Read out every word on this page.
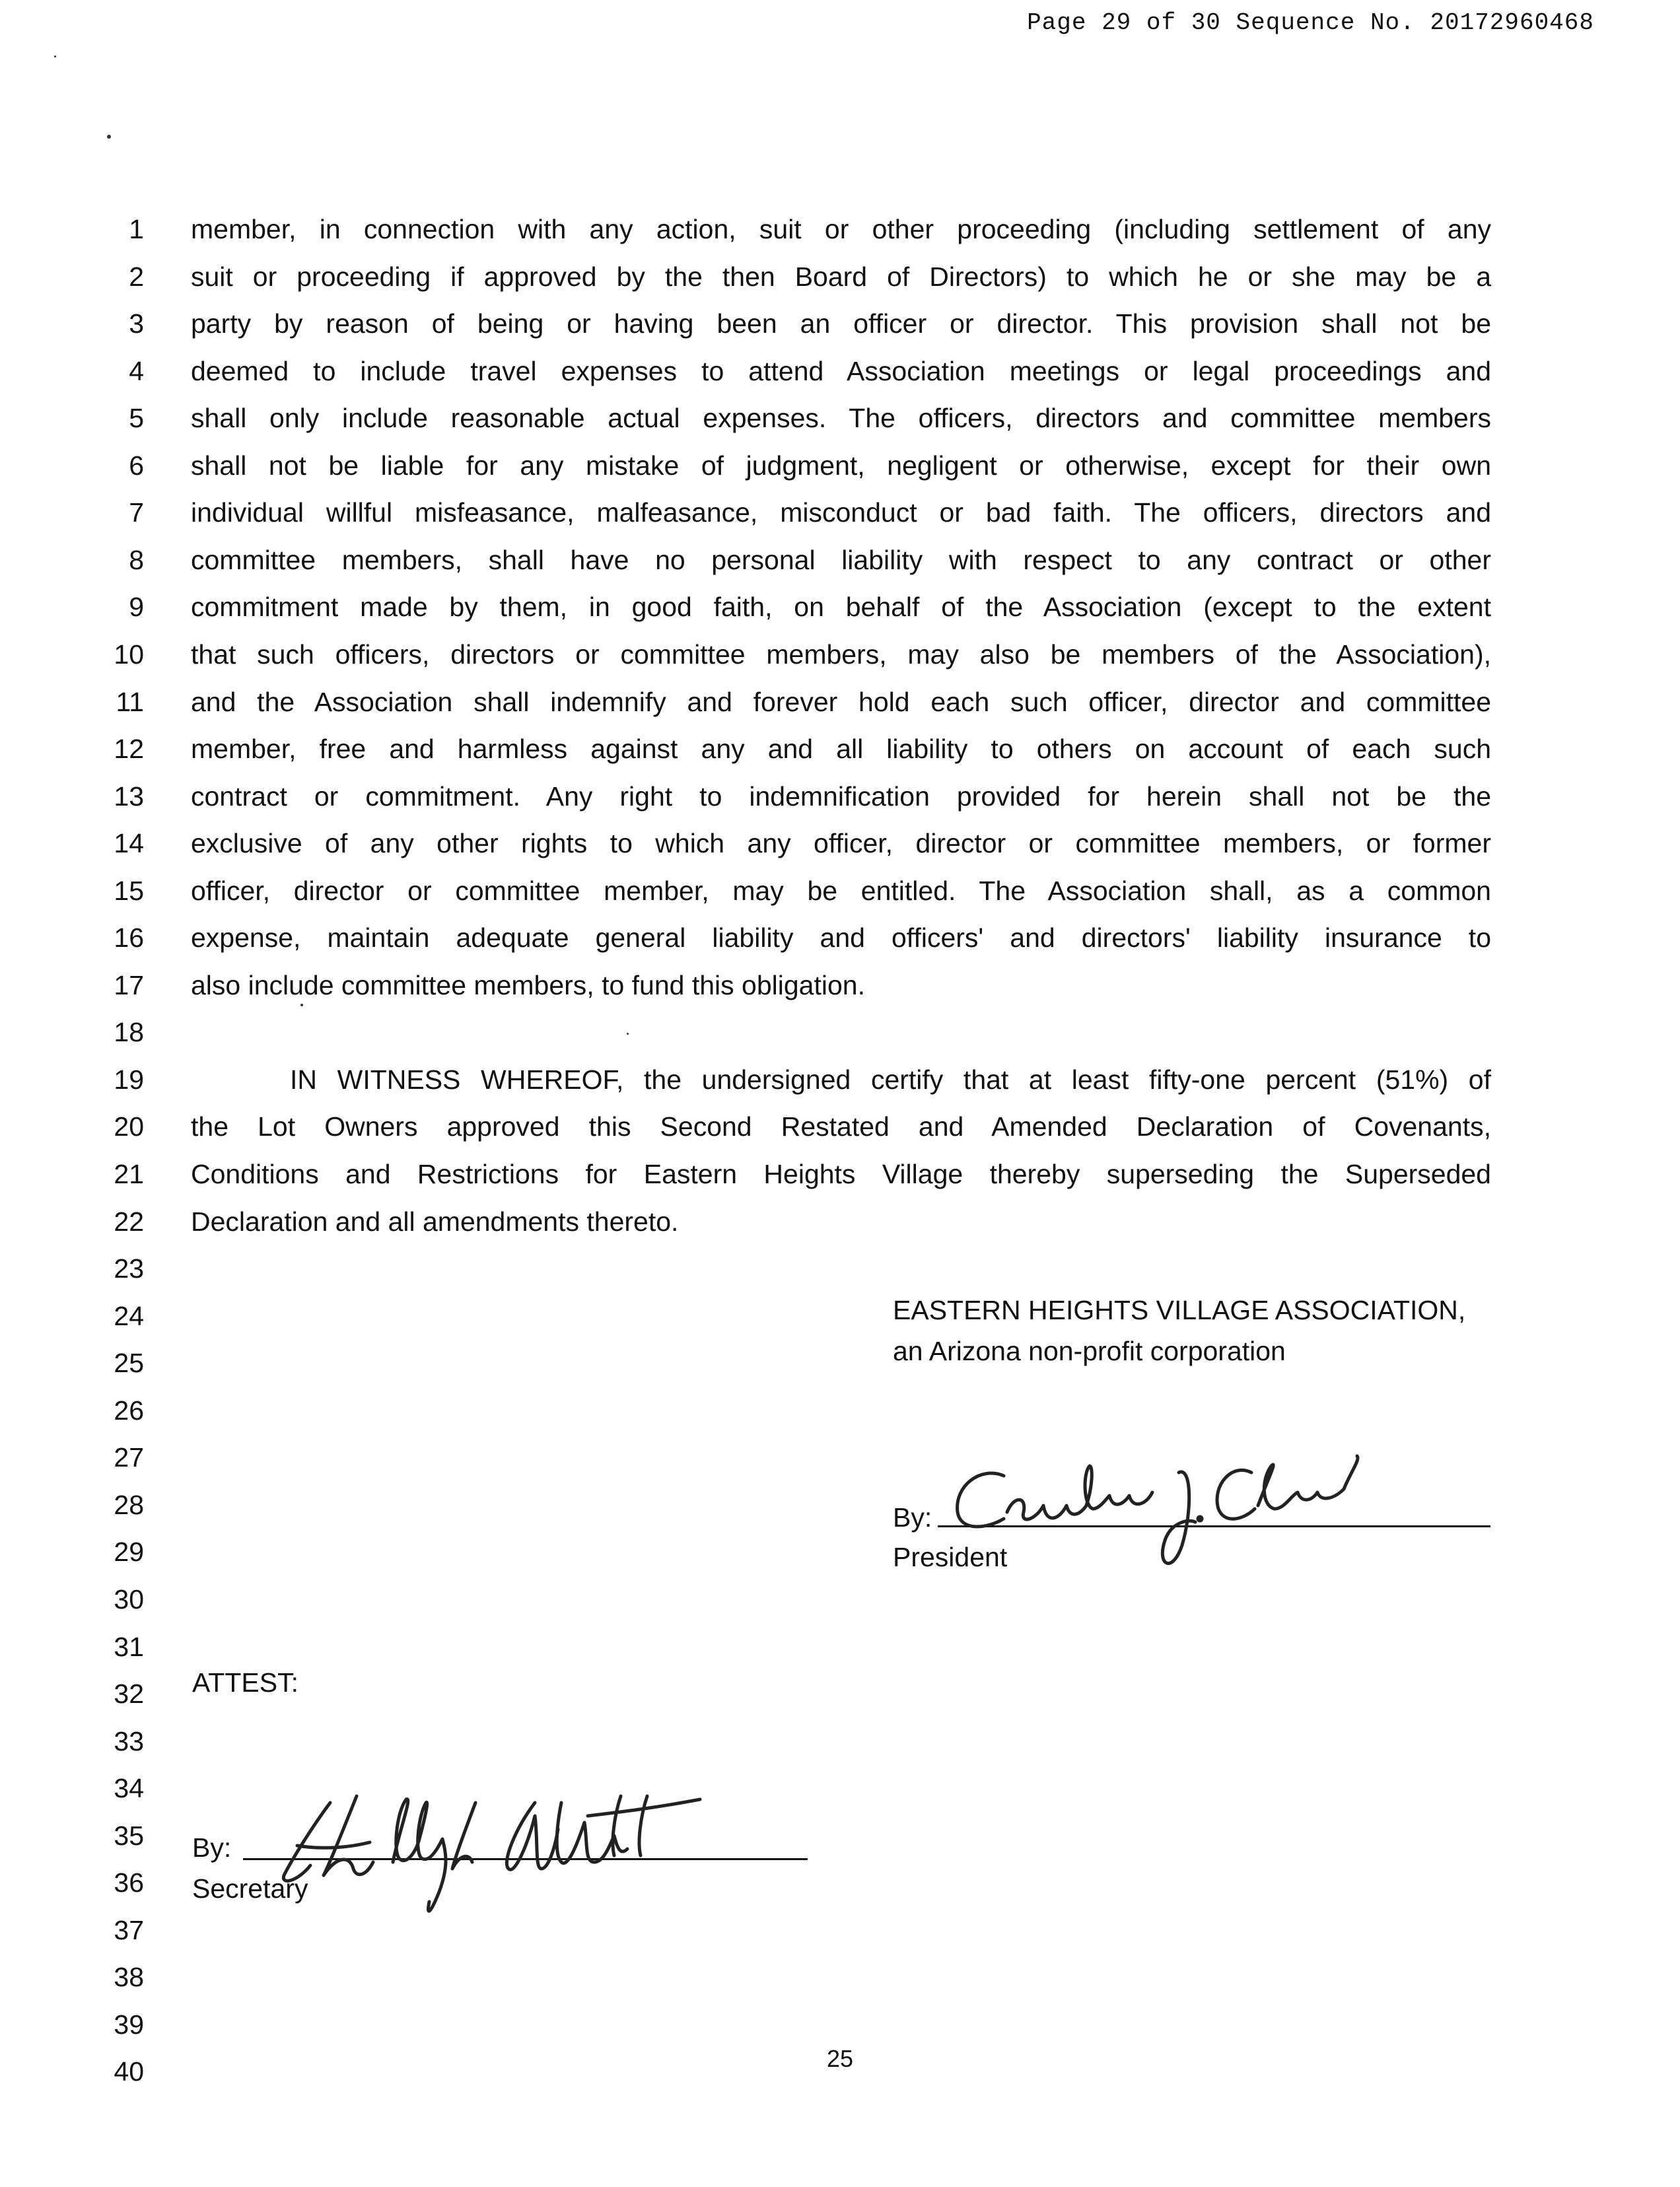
Page 29 of 30 Sequence No. 20172960468
1
2
3
4
5
6
7
8
9
10
11
12
13
14
15
16
17
18
19
20
21
22
23
24
25
26
27
28
29
30
31
32
33
34
35
36
37
38
39
40
member, in connection with any action, suit or other proceeding (including settlement of any
suit or proceeding if approved by the then Board of Directors) to which he or she may be a
party by reason of being or having been an officer or director. This provision shall not be
deemed to include travel expenses to attend Association meetings or legal proceedings and
shall only include reasonable actual expenses. The officers, directors and committee members
shall not be liable for any mistake of judgment, negligent or otherwise, except for their own
individual willful misfeasance, malfeasance, misconduct or bad faith. The officers, directors and
committee members, shall have no personal liability with respect to any contract or other
commitment made by them, in good faith, on behalf of the Association (except to the extent
that such officers, directors or committee members, may also be members of the Association),
and the Association shall indemnify and forever hold each such officer, director and committee
member, free and harmless against any and all liability to others on account of each such
contract or commitment. Any right to indemnification provided for herein shall not be the
exclusive of any other rights to which any officer, director or committee members, or former
officer, director or committee member, may be entitled. The Association shall, as a common
expense, maintain adequate general liability and officers' and directors' liability insurance to
also include committee members, to fund this obligation.
IN WITNESS WHEREOF, the undersigned certify that at least fifty-one percent (51%) of
the Lot Owners approved this Second Restated and Amended Declaration of Covenants,
Conditions and Restrictions for Eastern Heights Village thereby superseding the Superseded
Declaration and all amendments thereto.
EASTERN HEIGHTS VILLAGE ASSOCIATION,
an Arizona non-profit corporation
By:
President
ATTEST:
By:
Secretary
25
